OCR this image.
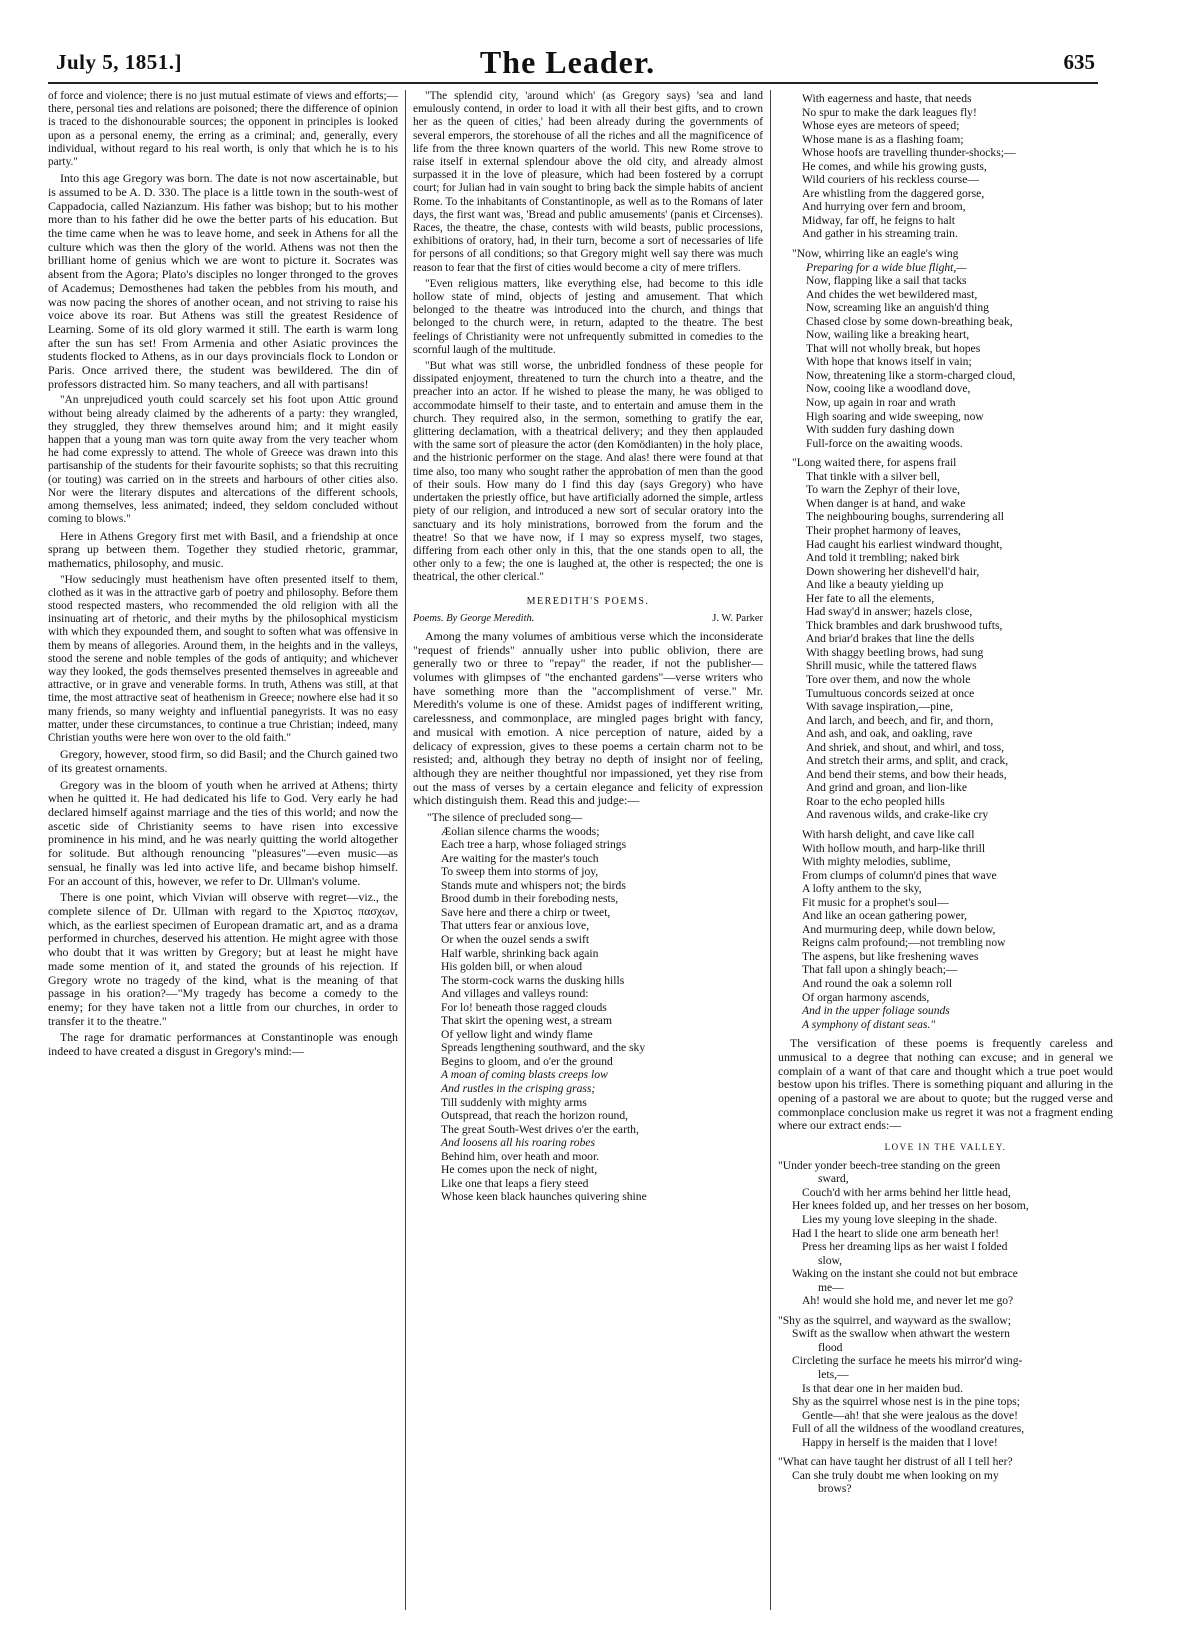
July 5, 1851.]	The Leader.	635

of force and violence; there is no just mutual estimate of views and efforts;—there, personal ties and relations are poisoned; there the difference of opinion is traced to the dishonourable sources; the opponent in principles is looked upon as a personal enemy, the erring as a criminal; and, generally, every individual, without regard to his real worth, is only that which he is to his party."

Into this age Gregory was born. The date is not now ascertainable, but is assumed to be A. D. 330. The place is a little town in the south-west of Cappadocia, called Nazianzum. His father was bishop; but to his mother more than to his father did he owe the better parts of his education. But the time came when he was to leave home, and seek in Athens for all the culture which was then the glory of the world. Athens was not then the brilliant home of genius which we are wont to picture it. Socrates was absent from the Agora; Plato's disciples no longer thronged to the groves of Academus; Demosthenes had taken the pebbles from his mouth, and was now pacing the shores of another ocean, and not striving to raise his voice above its roar. But Athens was still the greatest Residence of Learning. Some of its old glory warmed it still. The earth is warm long after the sun has set! From Armenia and other Asiatic provinces the students flocked to Athens, as in our days provincials flock to London or Paris. Once arrived there, the student was bewildered. The din of professors distracted him. So many teachers, and all with partisans!

"An unprejudiced youth could scarcely set his foot upon Attic ground without being already claimed by the adherents of a party: they wrangled, they struggled, they threw themselves around him; and it might easily happen that a young man was torn quite away from the very teacher whom he had come expressly to attend. The whole of Greece was drawn into this partisanship of the students for their favourite sophists; so that this recruiting (or touting) was carried on in the streets and harbours of other cities also. Nor were the literary disputes and altercations of the different schools, among themselves, less animated; indeed, they seldom concluded without coming to blows."

Here in Athens Gregory first met with Basil, and a friendship at once sprang up between them. Together they studied rhetoric, grammar, mathematics, philosophy, and music.

"How seducingly must heathenism have often presented itself to them, clothed as it was in the attractive garb of poetry and philosophy. Before them stood respected masters, who recommended the old religion with all the insinuating art of rhetoric, and their myths by the philosophical mysticism with which they expounded them, and sought to soften what was offensive in them by means of allegories. Around them, in the heights and in the valleys, stood the serene and noble temples of the gods of antiquity; and whichever way they looked, the gods themselves presented themselves in agreeable and attractive, or in grave and venerable forms. In truth, Athens was still, at that time, the most attractive seat of heathenism in Greece; nowhere else had it so many friends, so many weighty and influential panegyrists. It was no easy matter, under these circumstances, to continue a true Christian; indeed, many Christian youths were here won over to the old faith."

Gregory, however, stood firm, so did Basil; and the Church gained two of its greatest ornaments.

Gregory was in the bloom of youth when he arrived at Athens; thirty when he quitted it. He had dedicated his life to God. Very early he had declared himself against marriage and the ties of this world; and now the ascetic side of Christianity seems to have risen into excessive prominence in his mind, and he was nearly quitting the world altogether for solitude. But although renouncing "pleasures"—even music—as sensual, he finally was led into active life, and became bishop himself. For an account of this, however, we refer to Dr. Ullman's volume.

There is one point, which Vivian will observe with regret—viz., the complete silence of Dr. Ullman with regard to the Χριστος πασχων, which, as the earliest specimen of European dramatic art, and as a drama performed in churches, deserved his attention. He might agree with those who doubt that it was written by Gregory; but at least he might have made some mention of it, and stated the grounds of his rejection. If Gregory wrote no tragedy of the kind, what is the meaning of that passage in his oration?—"My tragedy has become a comedy to the enemy; for they have taken not a little from our churches, in order to transfer it to the theatre."

The rage for dramatic performances at Constantinople was enough indeed to have created a disgust in Gregory's mind:—

"The splendid city, 'around which' (as Gregory says) 'sea and land emulously contend, in order to load it with all their best gifts, and to crown her as the queen of cities,' had been already during the governments of several emperors, the storehouse of all the riches and all the magnificence of life from the three known quarters of the world. This new Rome strove to raise itself in external splendour above the old city, and already almost surpassed it in the love of pleasure, which had been fostered by a corrupt court; for Julian had in vain sought to bring back the simple habits of ancient Rome. To the inhabitants of Constantinople, as well as to the Romans of later days, the first want was, 'Bread and public amusements' (panis et Circenses). Races, the theatre, the chase, contests with wild beasts, public processions, exhibitions of oratory, had, in their turn, become a sort of necessaries of life for persons of all conditions; so that Gregory might well say there was much reason to fear that the first of cities would become a city of mere triflers.

"Even religious matters, like everything else, had become to this idle hollow state of mind, objects of jesting and amusement. That which belonged to the theatre was introduced into the church, and things that belonged to the church were, in return, adapted to the theatre. The best feelings of Christianity were not unfrequently submitted in comedies to the scornful laugh of the multitude.

"But what was still worse, the unbridled fondness of these people for dissipated enjoyment, threatened to turn the church into a theatre, and the preacher into an actor. If he wished to please the many, he was obliged to accommodate himself to their taste, and to entertain and amuse them in the church. They required also, in the sermon, something to gratify the ear, glittering declamation, with a theatrical delivery; and they then applauded with the same sort of pleasure the actor (den Komödianten) in the holy place, and the histrionic performer on the stage. And alas! there were found at that time also, too many who sought rather the approbation of men than the good of their souls. How many do I find this day (says Gregory) who have undertaken the priestly office, but have artificially adorned the simple, artless piety of our religion, and introduced a new sort of secular oratory into the sanctuary and its holy ministrations, borrowed from the forum and the theatre! So that we have now, if I may so express myself, two stages, differing from each other only in this, that the one stands open to all, the other only to a few; the one is laughed at, the other is respected; the one is theatrical, the other clerical."

MEREDITH'S POEMS.
Poems. By George Meredith.	J. W. Parker

Among the many volumes of ambitious verse which the inconsiderate "request of friends" annually usher into public oblivion, there are generally two or three to "repay" the reader, if not the publisher—volumes with glimpses of "the enchanted gardens"—verse writers who have something more than the "accomplishment of verse." Mr. Meredith's volume is one of these. Amidst pages of indifferent writing, carelessness, and commonplace, are mingled pages bright with fancy, and musical with emotion. A nice perception of nature, aided by a delicacy of expression, gives to these poems a certain charm not to be resisted; and, although they betray no depth of insight nor of feeling, although they are neither thoughtful nor impassioned, yet they rise from out the mass of verses by a certain elegance and felicity of expression which distinguish them. Read this and judge:—

"The silence of precluded song—
Æolian silence charms the woods;
Each tree a harp, whose foliaged strings
Are waiting for the master's touch
To sweep them into storms of joy,
Stands mute and whispers not; the birds
Brood dumb in their foreboding nests,
Save here and there a chirp or tweet,
That utters fear or anxious love,
Or when the ouzel sends a swift
Half warble, shrinking back again
His golden bill, or when aloud
The storm-cock warns the dusking hills
And villages and valleys round:
For lo! beneath those ragged clouds
That skirt the opening west, a stream
Of yellow light and windy flame
Spreads lengthening southward, and the sky
Begins to gloom, and o'er the ground
A moan of coming blasts creeps low
And rustles in the crisping grass;
Till suddenly with mighty arms
Outspread, that reach the horizon round,
The great South-West drives o'er the earth,
And loosens all his roaring robes
Behind him, over heath and moor.
He comes upon the neck of night,
Like one that leaps a fiery steed
Whose keen black haunches quivering shine
With eagerness and haste, that needs
No spur to make the dark leagues fly!
Whose eyes are meteors of speed;
Whose mane is as a flashing foam;
Whose hoofs are travelling thunder-shocks;—
He comes, and while his growing gusts,
Wild couriers of his reckless course—
Are whistling from the daggered gorse,
And hurrying over fern and broom,
Midway, far off, he feigns to halt
And gather in his streaming train.
"Now, whirring like an eagle's wing
Preparing for a wide blue flight,—
Now, flapping like a sail that tacks
And chides the wet bewildered mast,
Now, screaming like an anguish'd thing
Chased close by some down-breathing beak,
Now, wailing like a breaking heart,
That will not wholly break, but hopes
With hope that knows itself in vain;
Now, threatening like a storm-charged cloud,
Now, cooing like a woodland dove,
Now, up again in roar and wrath
High soaring and wide sweeping, now
With sudden fury dashing down
Full-force on the awaiting woods.
"Long waited there, for aspens frail
That tinkle with a silver bell,
To warn the Zephyr of their love,
When danger is at hand, and wake
The neighbouring boughs, surrendering all
Their prophet harmony of leaves,
Had caught his earliest windward thought,
And told it trembling; naked birk
Down showering her dishevell'd hair,
And like a beauty yielding up
Her fate to all the elements,
Had sway'd in answer; hazels close,
Thick brambles and dark brushwood tufts,
And briar'd brakes that line the dells
With shaggy beetling brows, had sung
Shrill music, while the tattered flaws
Tore over them, and now the whole
Tumultuous concords seized at once
With savage inspiration,—pine,
And larch, and beech, and fir, and thorn,
And ash, and oak, and oakling, rave
And shriek, and shout, and whirl, and toss,
And stretch their arms, and split, and crack,
And bend their stems, and bow their heads,
And grind and groan, and lion-like
Roar to the echo peopled hills
And ravenous wilds, and crake-like cry
With harsh delight, and cave like call
With hollow mouth, and harp-like thrill
With mighty melodies, sublime,
From clumps of column'd pines that wave
A lofty anthem to the sky,
Fit music for a prophet's soul—
And like an ocean gathering power,
And murmuring deep, while down below,
Reigns calm profound;—not trembling now
The aspens, but like freshening waves
That fall upon a shingly beach;—
And round the oak a solemn roll
Of organ harmony ascends,
And in the upper foliage sounds
A symphony of distant seas."

The versification of these poems is frequently careless and unmusical to a degree that nothing can excuse; and in general we complain of a want of that care and thought which a true poet would bestow upon his trifles. There is something piquant and alluring in the opening of a pastoral we are about to quote; but the rugged verse and commonplace conclusion make us regret it was not a fragment ending where our extract ends:—

LOVE IN THE VALLEY.
"Under yonder beech-tree standing on the green
sward,
Couch'd with her arms behind her little head,
Her knees folded up, and her tresses on her bosom,
Lies my young love sleeping in the shade.
Had I the heart to slide one arm beneath her!
Press her dreaming lips as her waist I folded
slow,
Waking on the instant she could not but embrace
me—
Ah! would she hold me, and never let me go?
"Shy as the squirrel, and wayward as the swallow;
Swift as the swallow when athwart the western
flood
Circleting the surface he meets his mirror'd wing-
lets,—
Is that dear one in her maiden bud.
Shy as the squirrel whose nest is in the pine tops;
Gentle—ah! that she were jealous as the dove!
Full of all the wildness of the woodland creatures,
Happy in herself is the maiden that I love!
"What can have taught her distrust of all I tell her?
Can she truly doubt me when looking on my
brows?
